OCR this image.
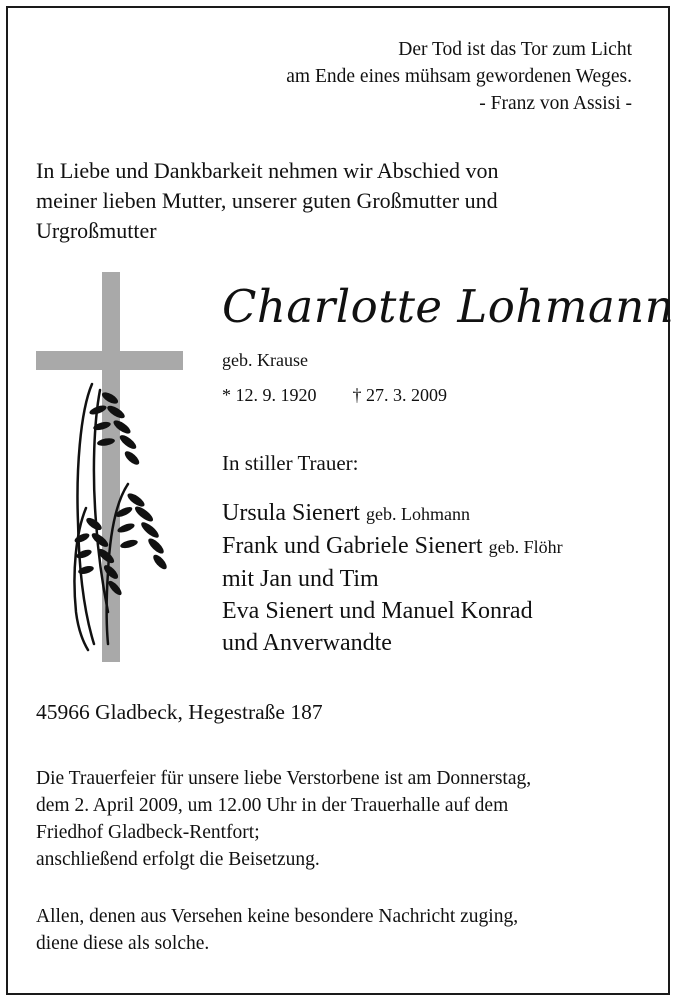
Der Tod ist das Tor zum Licht
am Ende eines mühsam gewordenen Weges.
- Franz von Assisi -
In Liebe und Dankbarkeit nehmen wir Abschied von
meiner lieben Mutter, unserer guten Großmutter und
Urgroßmutter
Charlotte Lohmann
geb. Krause
* 12. 9. 1920 † 27. 3. 2009
In stiller Trauer:
Ursula Sienert geb. Lohmann
Frank und Gabriele Sienert geb. Flöhr
mit Jan und Tim
Eva Sienert und Manuel Konrad
und Anverwandte
45966 Gladbeck, Hegestraße 187
Die Trauerfeier für unsere liebe Verstorbene ist am Donnerstag,
dem 2. April 2009, um 12.00 Uhr in der Trauerhalle auf dem
Friedhof Gladbeck-Rentfort;
anschließend erfolgt die Beisetzung.
Allen, denen aus Versehen keine besondere Nachricht zuging,
diene diese als solche.
